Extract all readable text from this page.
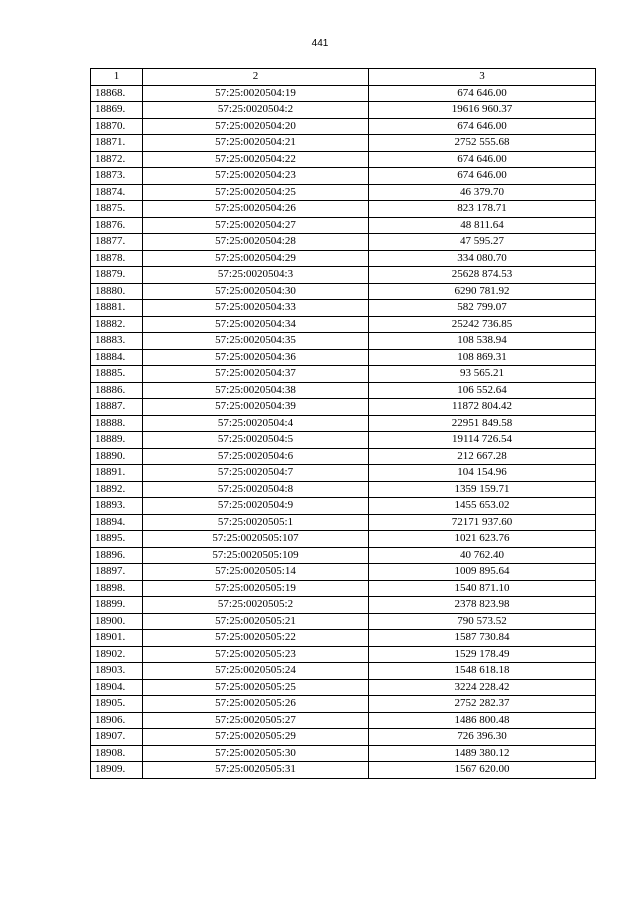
441
1	2	3
18868.	57:25:0020504:19	674 646.00
18869.	57:25:0020504:2	19616 960.37
18870.	57:25:0020504:20	674 646.00
18871.	57:25:0020504:21	2752 555.68
18872.	57:25:0020504:22	674 646.00
18873.	57:25:0020504:23	674 646.00
18874.	57:25:0020504:25	46 379.70
18875.	57:25:0020504:26	823 178.71
18876.	57:25:0020504:27	48 811.64
18877.	57:25:0020504:28	47 595.27
18878.	57:25:0020504:29	334 080.70
18879.	57:25:0020504:3	25628 874.53
18880.	57:25:0020504:30	6290 781.92
18881.	57:25:0020504:33	582 799.07
18882.	57:25:0020504:34	25242 736.85
18883.	57:25:0020504:35	108 538.94
18884.	57:25:0020504:36	108 869.31
18885.	57:25:0020504:37	93 565.21
18886.	57:25:0020504:38	106 552.64
18887.	57:25:0020504:39	11872 804.42
18888.	57:25:0020504:4	22951 849.58
18889.	57:25:0020504:5	19114 726.54
18890.	57:25:0020504:6	212 667.28
18891.	57:25:0020504:7	104 154.96
18892.	57:25:0020504:8	1359 159.71
18893.	57:25:0020504:9	1455 653.02
18894.	57:25:0020505:1	72171 937.60
18895.	57:25:0020505:107	1021 623.76
18896.	57:25:0020505:109	40 762.40
18897.	57:25:0020505:14	1009 895.64
18898.	57:25:0020505:19	1540 871.10
18899.	57:25:0020505:2	2378 823.98
18900.	57:25:0020505:21	790 573.52
18901.	57:25:0020505:22	1587 730.84
18902.	57:25:0020505:23	1529 178.49
18903.	57:25:0020505:24	1548 618.18
18904.	57:25:0020505:25	3224 228.42
18905.	57:25:0020505:26	2752 282.37
18906.	57:25:0020505:27	1486 800.48
18907.	57:25:0020505:29	726 396.30
18908.	57:25:0020505:30	1489 380.12
18909.	57:25:0020505:31	1567 620.00
